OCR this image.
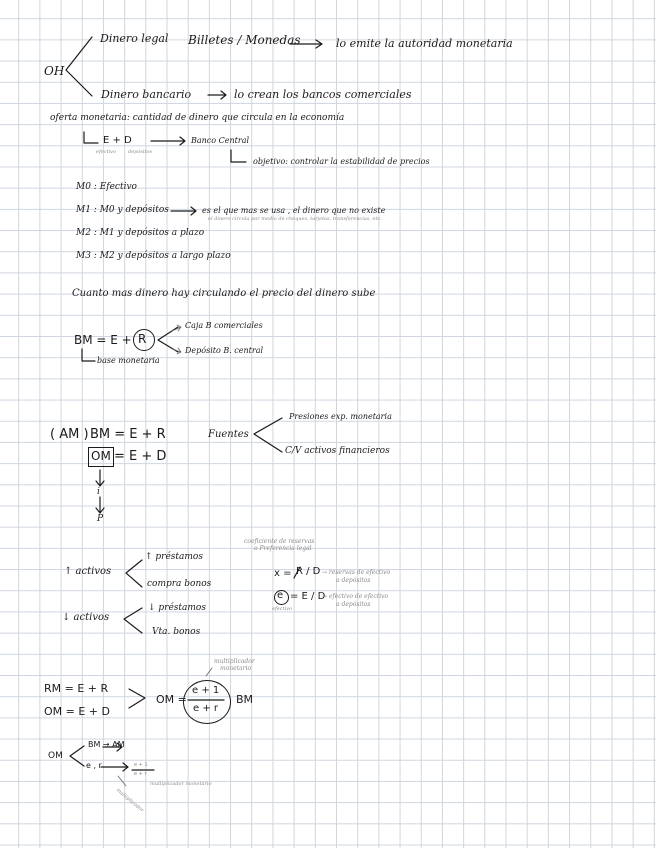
OH
Dinero legal Billetes / Monedas	lo emite la autoridad monetaria
Dinero bancario	lo crean los bancos comerciales
oferta monetaria: cantidad de dinero que circula en la economía
E + D
efectivo depósitos
Banco Central
objetivo: controlar la estabilidad de precios
M0 : Efectivo
M1 : M0 y depósitos	es el que mas se usa , el dinero que no existe
el dinero circula por medio de cheques, tarjetas, transferencias, etc.
M2 : M1 y depósitos a plazo
M3 : M2 y depósitos a largo plazo
Cuanto mas dinero hay circulando el precio del dinero sube
BM = E + R
Caja B comerciales
Depósito B. central
base monetaria
( AM ) BM = E + R
OM = E + D
i
P
Fuentes
Presiones exp. monetaria
C/V activos financieros
↑ activos
↑ préstamos
compra bonos
↓ activos
↓ préstamos
Vta. bonos
coeficiente de reservas
o Preferencia legal
x = R / D → reservas de efectivo
a depósitos
e = E / D
→ efectivo de efectivo
a depósitos
efectivo
RM = E + R
OM = E + D
OM =
e + 1
e + r
BM
multiplicador
monetario
OM
BM → AM
e , r	e + 1
e + r
multiplicador monetario
multiplicador
